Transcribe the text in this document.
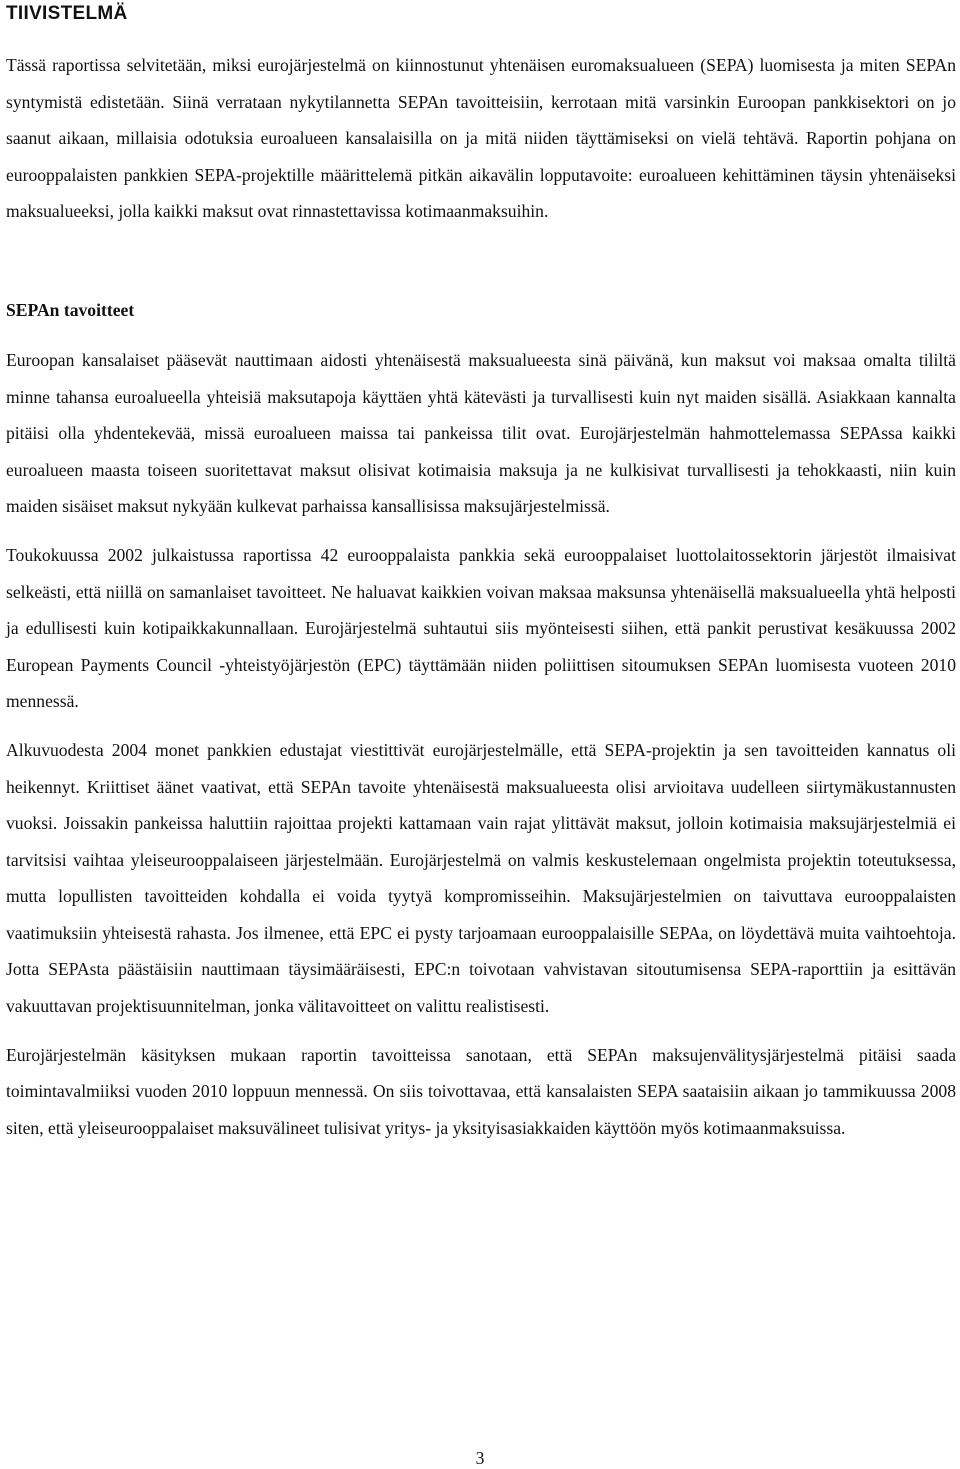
TIIVISTELMÄ

Tässä raportissa selvitetään, miksi eurojärjestelmä on kiinnostunut yhtenäisen euromaksualueen (SEPA) luomisesta ja miten SEPAn syntymistä edistetään. Siinä verrataan nykytilannetta SEPAn tavoitteisiin, kerrotaan mitä varsinkin Euroopan pankkisektori on jo saanut aikaan, millaisia odotuksia euroalueen kansalaisilla on ja mitä niiden täyttämiseksi on vielä tehtävä. Raportin pohjana on eurooppalaisten pankkien SEPA-projektille määrittelemä pitkän aikavälin lopputavoite: euroalueen kehittäminen täysin yhtenäiseksi maksualueeksi, jolla kaikki maksut ovat rinnastettavissa kotimaanmaksuihin.

SEPAn tavoitteet

Euroopan kansalaiset pääsevät nauttimaan aidosti yhtenäisestä maksualueesta sinä päivänä, kun maksut voi maksaa omalta tililtä minne tahansa euroalueella yhteisiä maksutapoja käyttäen yhtä kätevästi ja turvallisesti kuin nyt maiden sisällä. Asiakkaan kannalta pitäisi olla yhdentekevää, missä euroalueen maissa tai pankeissa tilit ovat. Eurojärjestelmän hahmottelemassa SEPAssa kaikki euroalueen maasta toiseen suoritettavat maksut olisivat kotimaisia maksuja ja ne kulkisivat turvallisesti ja tehokkaasti, niin kuin maiden sisäiset maksut nykyään kulkevat parhaissa kansallisissa maksujärjestelmissä.

Toukokuussa 2002 julkaistussa raportissa 42 eurooppalaista pankkia sekä eurooppalaiset luottolaitossektorin järjestöt ilmaisivat selkeästi, että niillä on samanlaiset tavoitteet. Ne haluavat kaikkien voivan maksaa maksunsa yhtenäisellä maksualueella yhtä helposti ja edullisesti kuin kotipaikkakunnallaan. Eurojärjestelmä suhtautui siis myönteisesti siihen, että pankit perustivat kesäkuussa 2002 European Payments Council -yhteistyöjärjestön (EPC) täyttämään niiden poliittisen sitoumuksen SEPAn luomisesta vuoteen 2010 mennessä.

Alkuvuodesta 2004 monet pankkien edustajat viestittivät eurojärjestelmälle, että SEPA-projektin ja sen tavoitteiden kannatus oli heikennyt. Kriittiset äänet vaativat, että SEPAn tavoite yhtenäisestä maksualueesta olisi arvioitava uudelleen siirtymäkustannusten vuoksi. Joissakin pankeissa haluttiin rajoittaa projekti kattamaan vain rajat ylittävät maksut, jolloin kotimaisia maksujärjestelmiä ei tarvitsisi vaihtaa yleiseurooppalaiseen järjestelmään. Eurojärjestelmä on valmis keskustelemaan ongelmista projektin toteutuksessa, mutta lopullisten tavoitteiden kohdalla ei voida tyytyä kompromisseihin. Maksujärjestelmien on taivuttava eurooppalaisten vaatimuksiin yhteisestä rahasta. Jos ilmenee, että EPC ei pysty tarjoamaan eurooppalaisille SEPAa, on löydettävä muita vaihtoehtoja. Jotta SEPAsta päästäisiin nauttimaan täysimääräisesti, EPC:n toivotaan vahvistavan sitoutumisensa SEPA-raporttiin ja esittävän vakuuttavan projektisuunnitelman, jonka välitavoitteet on valittu realistisesti.

Eurojärjestelmän käsityksen mukaan raportin tavoitteissa sanotaan, että SEPAn maksujenvälitysjärjestelmä pitäisi saada toimintavalmiiksi vuoden 2010 loppuun mennessä. On siis toivottavaa, että kansalaisten SEPA saataisiin aikaan jo tammikuussa 2008 siten, että yleiseurooppalaiset maksuvälineet tulisivat yritys- ja yksityisasiakkaiden käyttöön myös kotimaanmaksuissa.

3
